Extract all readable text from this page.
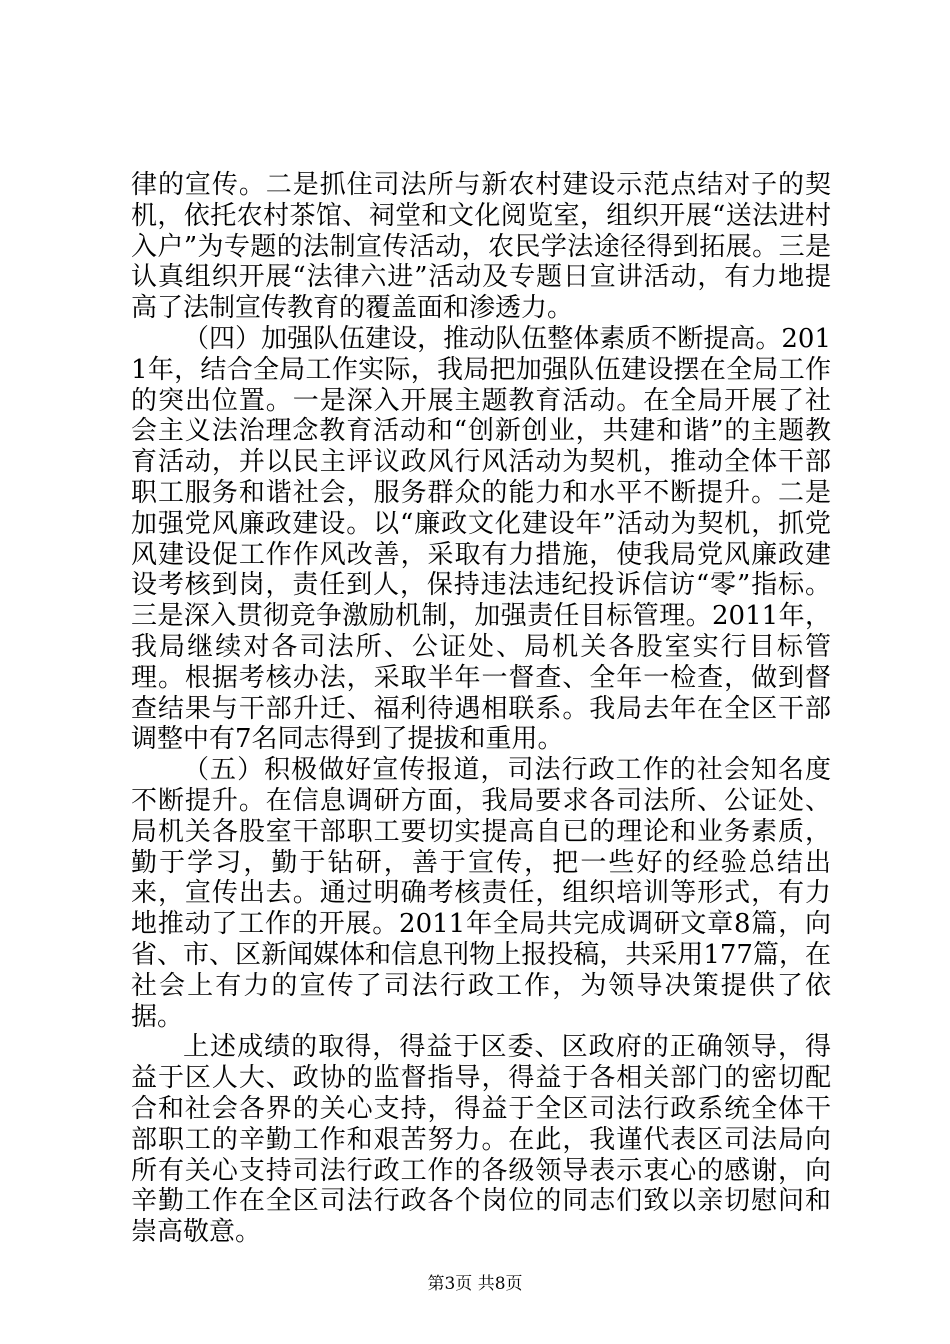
律的宣传。二是抓住司法所与新农村建设示范点结对子的契机，依托农村茶馆、祠堂和文化阅览室，组织开展“送法进村入户”为专题的法制宣传活动，农民学法途径得到拓展。三是认真组织开展“法律六进”活动及专题日宣讲活动，有力地提高了法制宣传教育的覆盖面和渗透力。

（四）加强队伍建设，推动队伍整体素质不断提高。2011年，结合全局工作实际，我局把加强队伍建设摆在全局工作的突出位置。一是深入开展主题教育活动。在全局开展了社会主义法治理念教育活动和“创新创业，共建和谐”的主题教育活动，并以民主评议政风行风活动为契机，推动全体干部职工服务和谐社会，服务群众的能力和水平不断提升。二是加强党风廉政建设。以“廉政文化建设年”活动为契机，抓党风建设促工作作风改善，采取有力措施，使我局党风廉政建设考核到岗，责任到人，保持违法违纪投诉信访“零”指标。三是深入贯彻竞争激励机制，加强责任目标管理。2011年，我局继续对各司法所、公证处、局机关各股室实行目标管理。根据考核办法，采取半年一督查、全年一检查，做到督查结果与干部升迁、福利待遇相联系。我局去年在全区干部调整中有7名同志得到了提拔和重用。

（五）积极做好宣传报道，司法行政工作的社会知名度不断提升。在信息调研方面，我局要求各司法所、公证处、局机关各股室干部职工要切实提高自已的理论和业务素质，勤于学习，勤于钻研，善于宣传，把一些好的经验总结出来，宣传出去。通过明确考核责任，组织培训等形式，有力地推动了工作的开展。2011年全局共完成调研文章8篇，向省、市、区新闻媒体和信息刊物上报投稿，共采用177篇，在社会上有力的宣传了司法行政工作，为领导决策提供了依据。

上述成绩的取得，得益于区委、区政府的正确领导，得益于区人大、政协的监督指导，得益于各相关部门的密切配合和社会各界的关心支持，得益于全区司法行政系统全体干部职工的辛勤工作和艰苦努力。在此，我谨代表区司法局向所有关心支持司法行政工作的各级领导表示衷心的感谢，向辛勤工作在全区司法行政各个岗位的同志们致以亲切慰问和崇高敬意。

第3页 共8页
